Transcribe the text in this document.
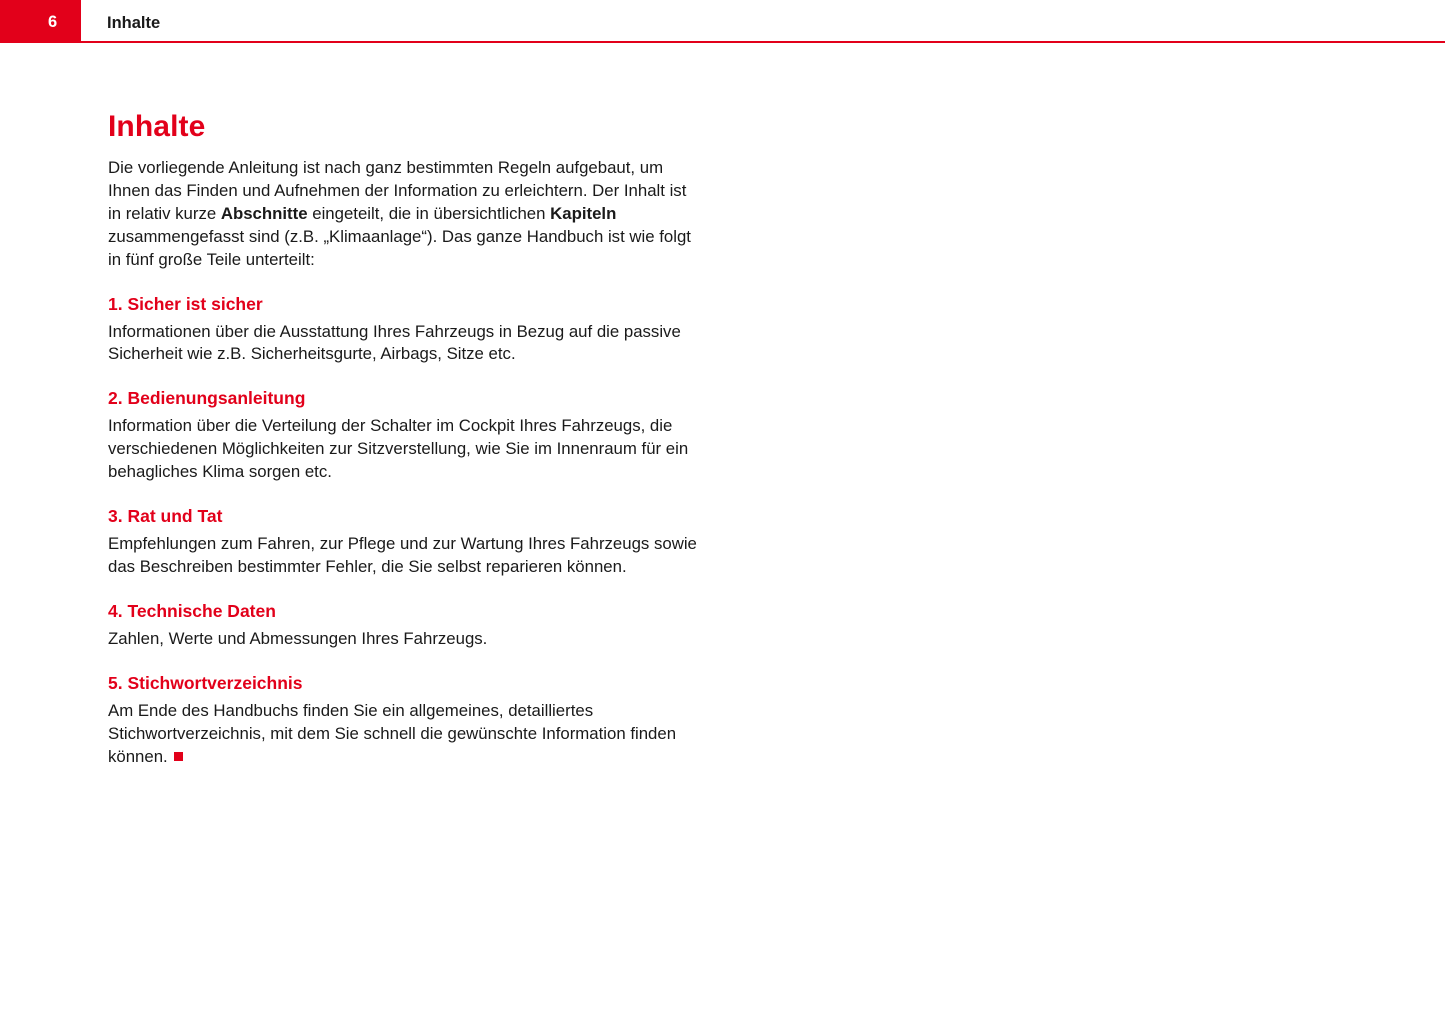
6	Inhalte
Inhalte

Die vorliegende Anleitung ist nach ganz bestimmten Regeln aufgebaut, um Ihnen das Finden und Aufnehmen der Information zu erleichtern. Der Inhalt ist in relativ kurze Abschnitte eingeteilt, die in übersichtlichen Kapiteln zusammengefasst sind (z.B. „Klimaanlage“). Das ganze Handbuch ist wie folgt in fünf große Teile unterteilt:

1. Sicher ist sicher

Informationen über die Ausstattung Ihres Fahrzeugs in Bezug auf die passive Sicherheit wie z.B. Sicherheitsgurte, Airbags, Sitze etc.

2. Bedienungsanleitung

Information über die Verteilung der Schalter im Cockpit Ihres Fahrzeugs, die verschiedenen Möglichkeiten zur Sitzverstellung, wie Sie im Innenraum für ein behagliches Klima sorgen etc.

3. Rat und Tat

Empfehlungen zum Fahren, zur Pflege und zur Wartung Ihres Fahrzeugs sowie das Beschreiben bestimmter Fehler, die Sie selbst reparieren können.

4. Technische Daten

Zahlen, Werte und Abmessungen Ihres Fahrzeugs.

5. Stichwortverzeichnis

Am Ende des Handbuchs finden Sie ein allgemeines, detailliertes Stichwortverzeichnis, mit dem Sie schnell die gewünschte Information finden können.
